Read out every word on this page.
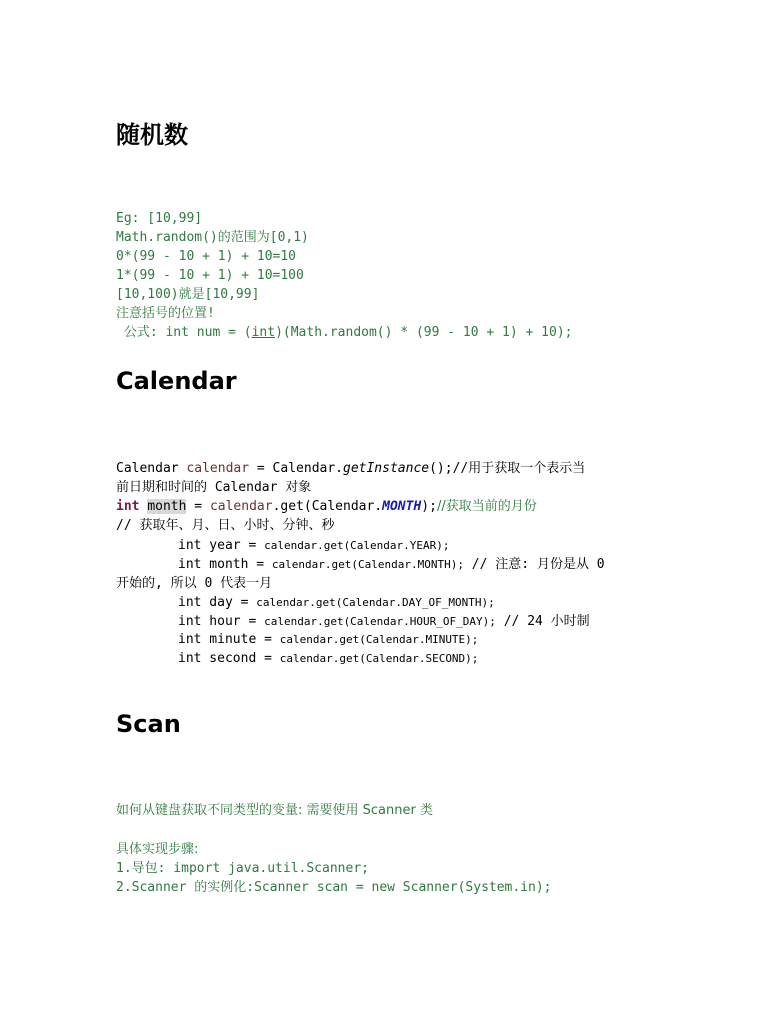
随机数
Eg: [10,99]
Math.random()的范围为[0,1)
0*(99 - 10 + 1) + 10=10
1*(99 - 10 + 1) + 10=100
[10,100)就是[10,99]
注意括号的位置!
公式: int num = (int)(Math.random() * (99 - 10 + 1) + 10);
Calendar
Calendar calendar = Calendar.getInstance();//用于获取一个表示当
前日期和时间的 Calendar 对象
int month = calendar.get(Calendar.MONTH);//获取当前的月份
// 获取年、月、日、小时、分钟、秒
int year = calendar.get(Calendar.YEAR);
int month = calendar.get(Calendar.MONTH); // 注意: 月份是从 0
开始的, 所以 0 代表一月
int day = calendar.get(Calendar.DAY_OF_MONTH);
int hour = calendar.get(Calendar.HOUR_OF_DAY); // 24 小时制
int minute = calendar.get(Calendar.MINUTE);
int second = calendar.get(Calendar.SECOND);
Scan
如何从键盘获取不同类型的变量: 需要使用 Scanner 类
具体实现步骤:
1.导包: import java.util.Scanner;
2.Scanner 的实例化:Scanner scan = new Scanner(System.in);
